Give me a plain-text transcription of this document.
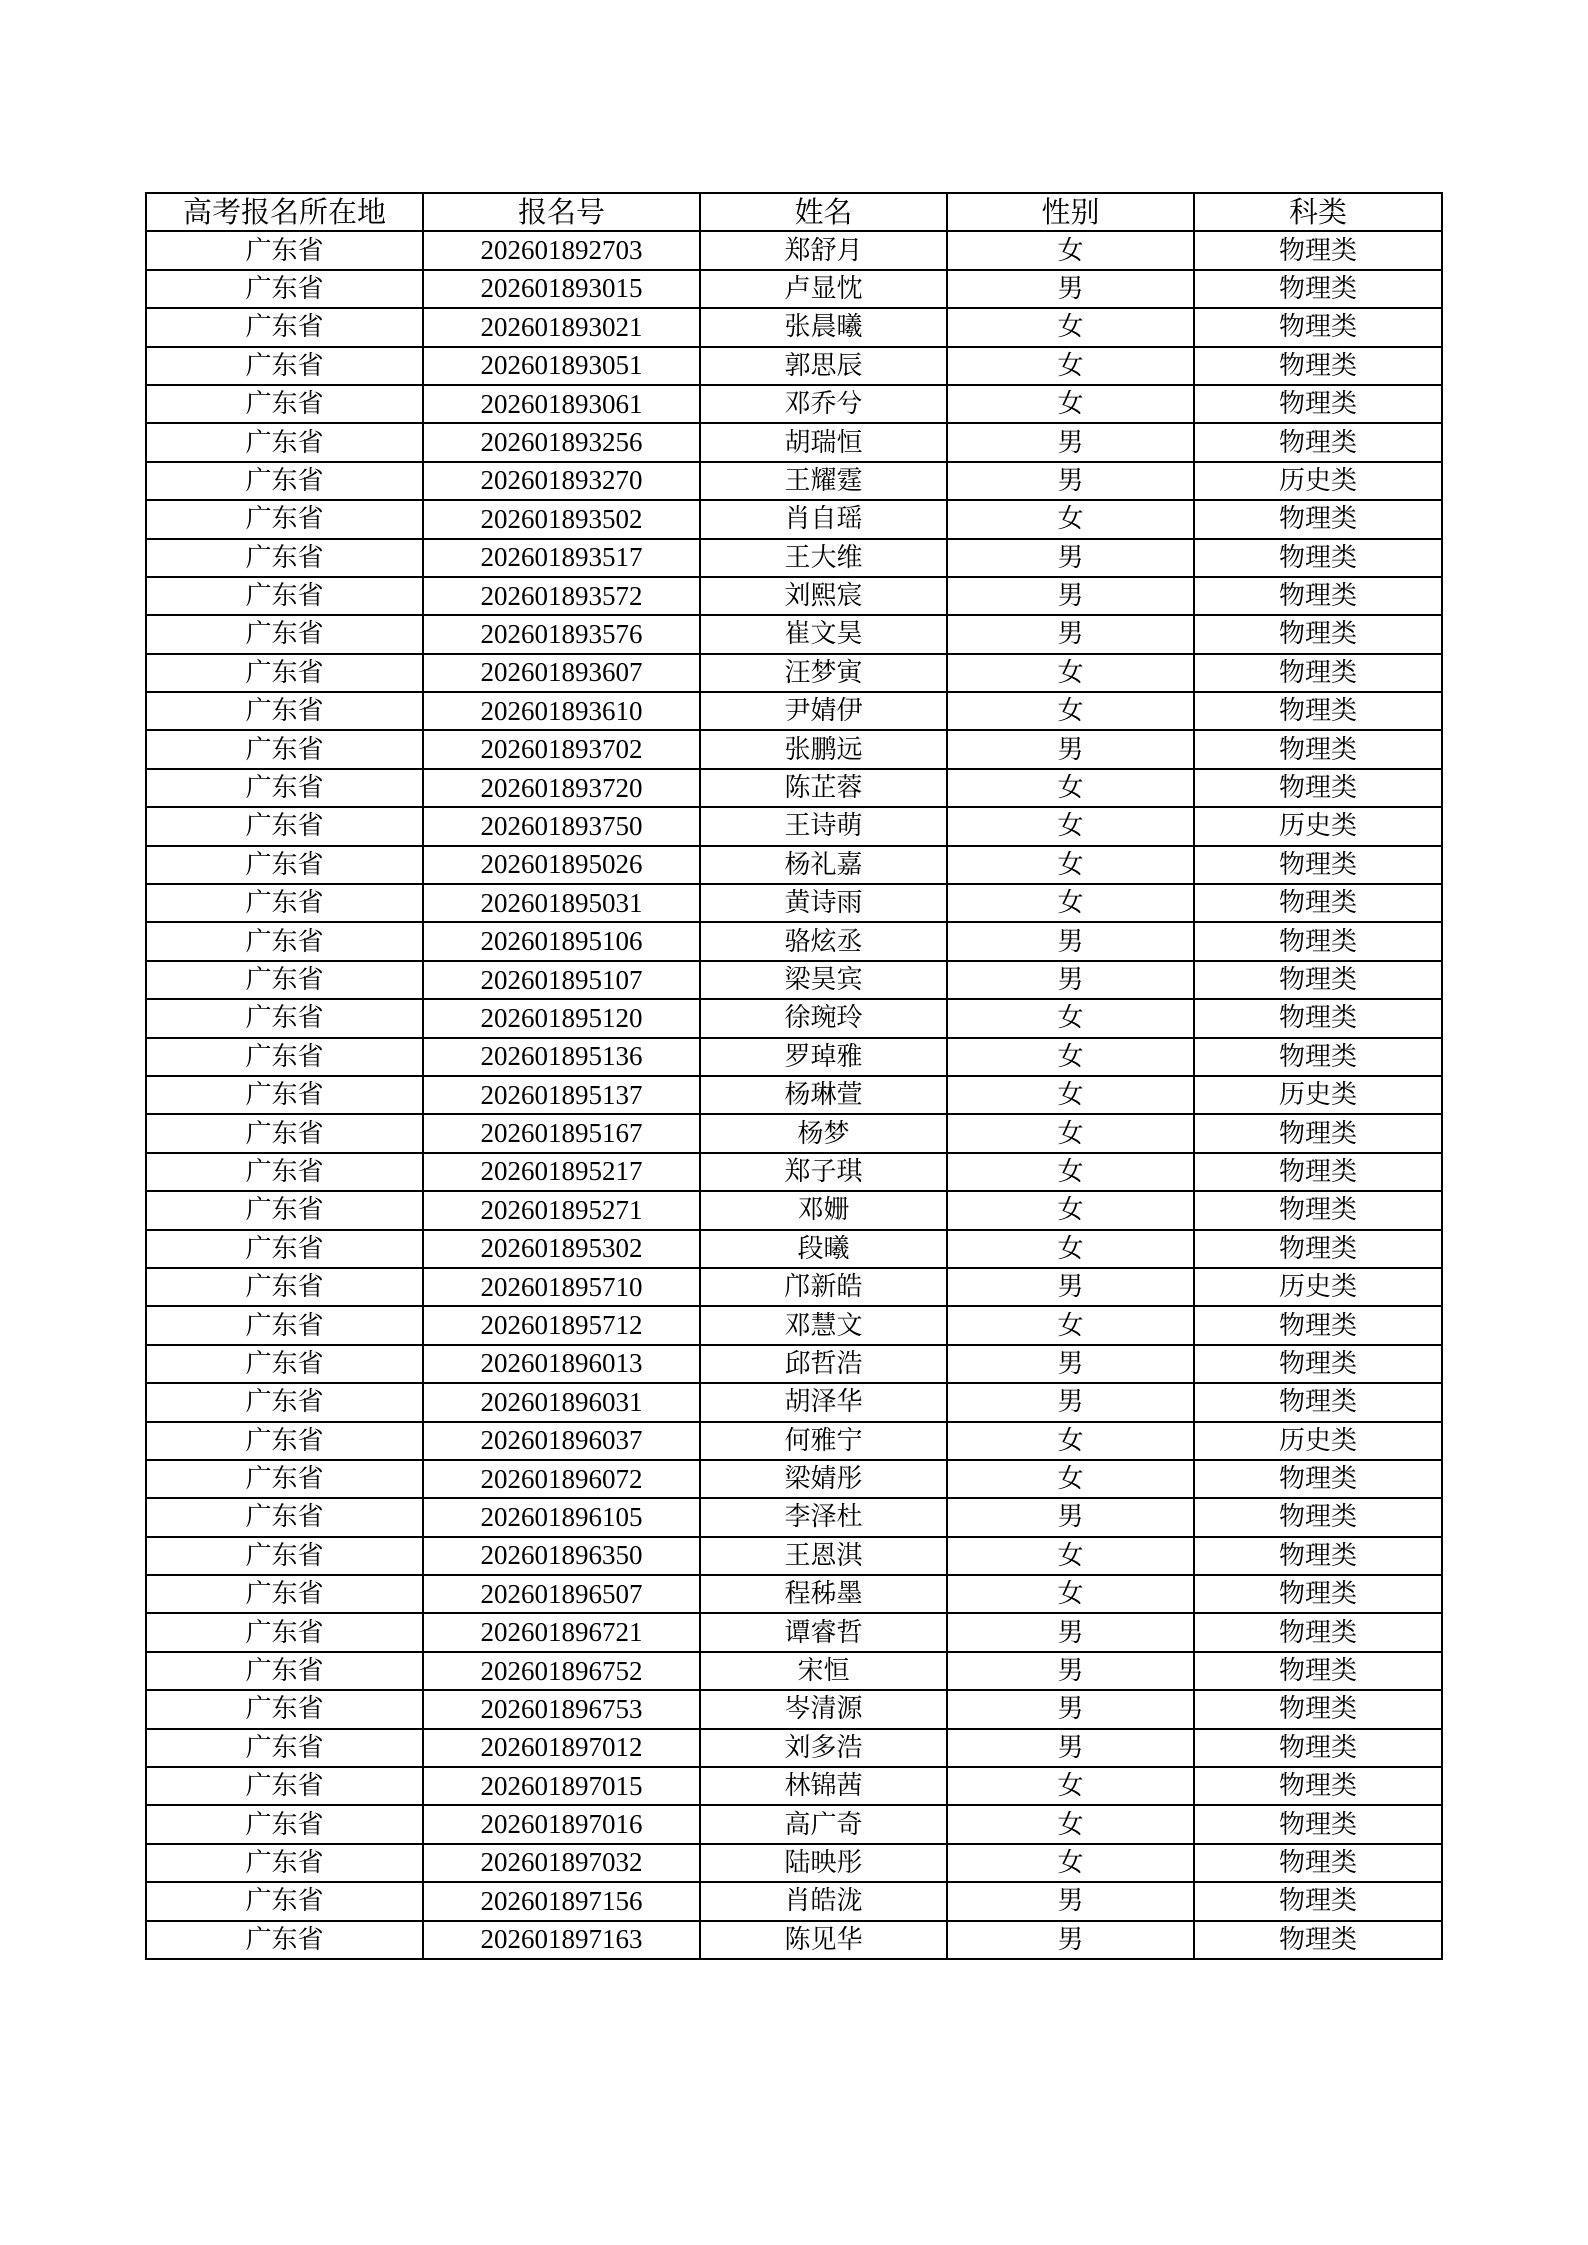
高考报名所在地	报名号	姓名	性别	科类
广东省	202601892703	郑舒月	女	物理类
广东省	202601893015	卢显忱	男	物理类
广东省	202601893021	张晨曦	女	物理类
广东省	202601893051	郭思辰	女	物理类
广东省	202601893061	邓乔兮	女	物理类
广东省	202601893256	胡瑞恒	男	物理类
广东省	202601893270	王耀霆	男	历史类
广东省	202601893502	肖自瑶	女	物理类
广东省	202601893517	王大维	男	物理类
广东省	202601893572	刘熙宸	男	物理类
广东省	202601893576	崔文昊	男	物理类
广东省	202601893607	汪梦寅	女	物理类
广东省	202601893610	尹婧伊	女	物理类
广东省	202601893702	张鹏远	男	物理类
广东省	202601893720	陈芷蓉	女	物理类
广东省	202601893750	王诗萌	女	历史类
广东省	202601895026	杨礼嘉	女	物理类
广东省	202601895031	黄诗雨	女	物理类
广东省	202601895106	骆炫丞	男	物理类
广东省	202601895107	梁昊宾	男	物理类
广东省	202601895120	徐琬玲	女	物理类
广东省	202601895136	罗琸雅	女	物理类
广东省	202601895137	杨琳萱	女	历史类
广东省	202601895167	杨梦	女	物理类
广东省	202601895217	郑子琪	女	物理类
广东省	202601895271	邓姗	女	物理类
广东省	202601895302	段曦	女	物理类
广东省	202601895710	邝新皓	男	历史类
广东省	202601895712	邓慧文	女	物理类
广东省	202601896013	邱哲浩	男	物理类
广东省	202601896031	胡泽华	男	物理类
广东省	202601896037	何雅宁	女	历史类
广东省	202601896072	梁婧彤	女	物理类
广东省	202601896105	李泽杜	男	物理类
广东省	202601896350	王恩淇	女	物理类
广东省	202601896507	程秭墨	女	物理类
广东省	202601896721	谭睿哲	男	物理类
广东省	202601896752	宋恒	男	物理类
广东省	202601896753	岑清源	男	物理类
广东省	202601897012	刘多浩	男	物理类
广东省	202601897015	林锦茜	女	物理类
广东省	202601897016	高广奇	女	物理类
广东省	202601897032	陆映彤	女	物理类
广东省	202601897156	肖皓泷	男	物理类
广东省	202601897163	陈见华	男	物理类
